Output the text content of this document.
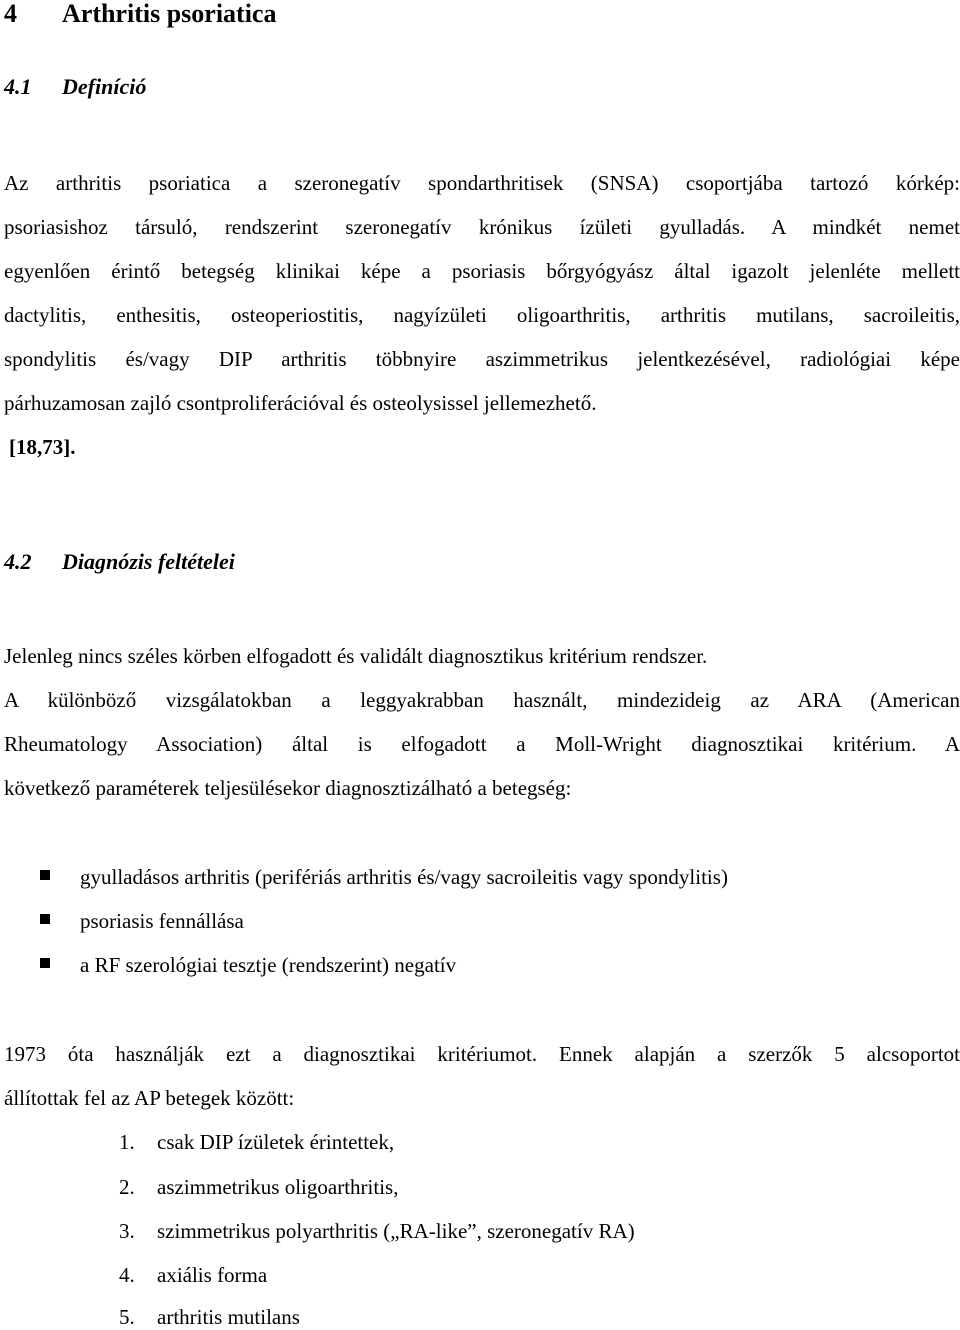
4 Arthritis psoriatica
4.1 Definíció
Az arthritis psoriatica a szeronegatív spondarthritisek (SNSA) csoportjába tartozó kórkép:
psoriasishoz társuló, rendszerint szeronegatív krónikus ízületi gyulladás. A mindkét nemet
egyenlően érintő betegség klinikai képe a psoriasis bőrgyógyász által igazolt jelenléte mellett
dactylitis, enthesitis, osteoperiostitis, nagyízületi oligoarthritis, arthritis mutilans, sacroileitis,
spondylitis és/vagy DIP arthritis többnyire aszimmetrikus jelentkezésével, radiológiai képe
párhuzamosan zajló csontproliferációval és osteolysissel jellemezhető.
[18,73].
4.2 Diagnózis feltételei
Jelenleg nincs széles körben elfogadott és validált diagnosztikus kritérium rendszer.
A különböző vizsgálatokban a leggyakrabban használt, mindezideig az ARA (American
Rheumatology Association) által is elfogadott a Moll-Wright diagnosztikai kritérium. A
következő paraméterek teljesülésekor diagnosztizálható a betegség:
gyulladásos arthritis (perifériás arthritis és/vagy sacroileitis vagy spondylitis)
psoriasis fennállása
a RF szerológiai tesztje (rendszerint) negatív
1973 óta használják ezt a diagnosztikai kritériumot. Ennek alapján a szerzők 5 alcsoportot
állítottak fel az AP betegek között:
1. csak DIP ízületek érintettek,
2. aszimmetrikus oligoarthritis,
3. szimmetrikus polyarthritis („RA-like”, szeronegatív RA)
4. axiális forma
5. arthritis mutilans
